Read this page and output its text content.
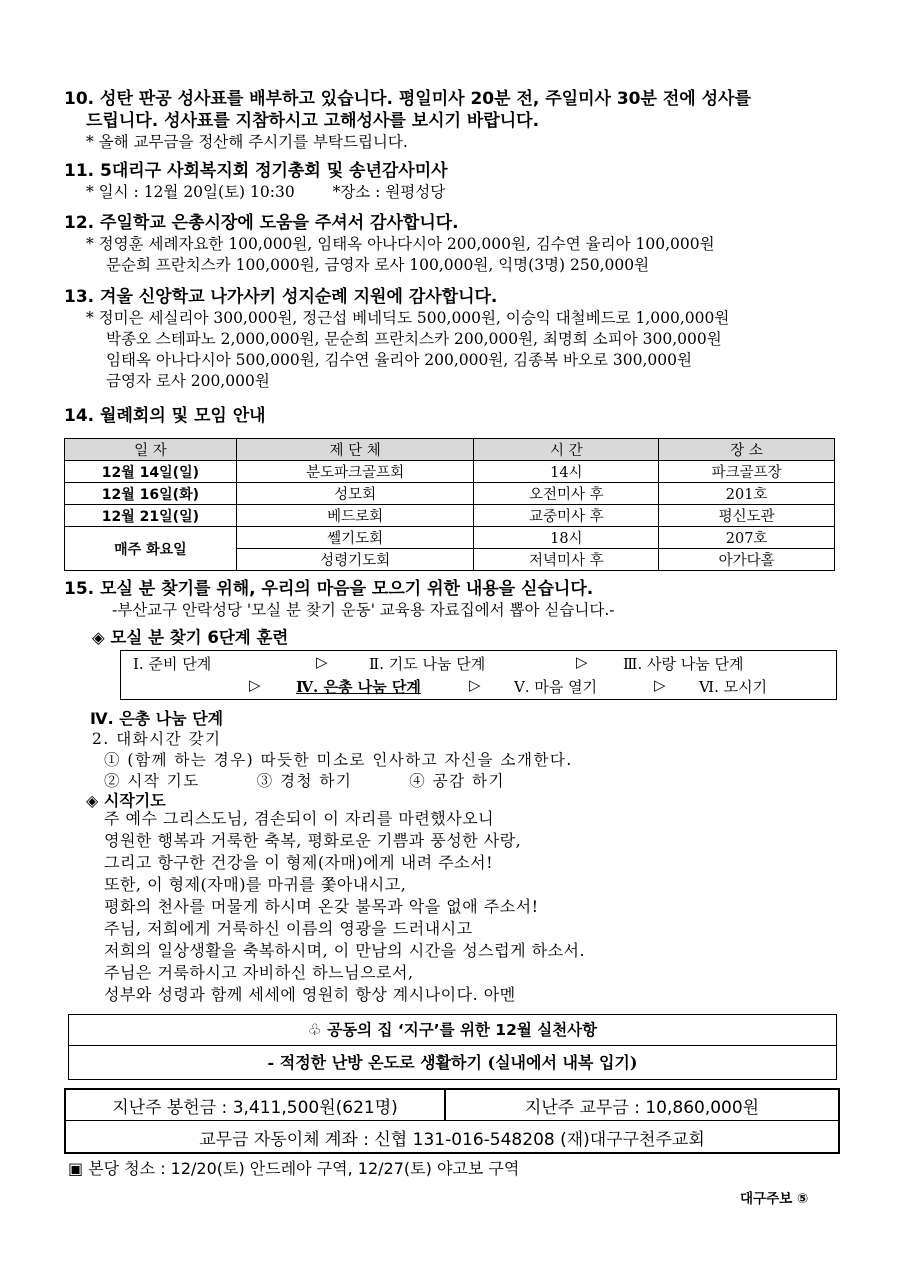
10. 성탄 판공 성사표를 배부하고 있습니다. 평일미사 20분 전, 주일미사 30분 전에 성사를

드립니다. 성사표를 지참하시고 고해성사를 보시기 바랍니다.

* 올해 교무금을 정산해 주시기를 부탁드립니다.

11. 5대리구 사회복지회 정기총회 및 송년감사미사

* 일시 : 12월 20일(토) 10:30 *장소 : 원평성당

12. 주일학교 은총시장에 도움을 주셔서 감사합니다.

* 정영훈 세례자요한 100,000원, 임태옥 아나다시아 200,000원, 김수연 율리아 100,000원

문순희 프란치스카 100,000원, 금영자 로사 100,000원, 익명(3명) 250,000원

13. 겨울 신앙학교 나가사키 성지순례 지원에 감사합니다.

* 정미은 세실리아 300,000원, 정근섭 베네딕도 500,000원, 이승익 대철베드로 1,000,000원

박종오 스테파노 2,000,000원, 문순희 프란치스카 200,000원, 최명희 소피아 300,000원

임태옥 아나다시아 500,000원, 김수연 율리아 200,000원, 김종복 바오로 300,000원

금영자 로사 200,000원

14. 월례회의 및 모임 안내

일 자	제 단 체	시 간	장 소
12월 14일(일)	분도파크골프회	14시	파크골프장
12월 16일(화)	성모회	오전미사 후	201호
12월 21일(일)	베드로회	교중미사 후	평신도관
매주 화요일	쎌기도회	18시	207호
	성령기도회	저녁미사 후	아가다홀

15. 모실 분 찾기를 위해, 우리의 마음을 모으기 위한 내용을 싣습니다.

-부산교구 안락성당 '모실 분 찾기 운동' 교육용 자료집에서 뽑아 싣습니다.-

◈ 모실 분 찾기 6단계 훈련
Ⅰ. 준비 단계	▷	Ⅱ. 기도 나눔 단계	▷ Ⅲ. 사랑 나눔 단계
▷ Ⅳ. 은총 나눔 단계	▷ Ⅴ. 마음 열기	▷ Ⅵ. 모시기
Ⅳ. 은총 나눔 단계
2. 대화시간 갖기
① (함께 하는 경우) 따듯한 미소로 인사하고 자신을 소개한다.
② 시작 기도	③ 경청 하기	④ 공감 하기
◈ 시작기도
주 예수 그리스도님, 겸손되이 이 자리를 마련했사오니
영원한 행복과 거룩한 축복, 평화로운 기쁨과 풍성한 사랑,
그리고 항구한 건강을 이 형제(자매)에게 내려 주소서!
또한, 이 형제(자매)를 마귀를 쫓아내시고,
평화의 천사를 머물게 하시며 온갖 불목과 악을 없애 주소서!
주님, 저희에게 거룩하신 이름의 영광을 드러내시고
저희의 일상생활을 축복하시며, 이 만남의 시간을 성스럽게 하소서.
주님은 거룩하시고 자비하신 하느님으로서,
성부와 성령과 함께 세세에 영원히 항상 계시나이다. 아멘
♧ 공동의 집 ‘지구’를 위한 12월 실천사항
- 적정한 난방 온도로 생활하기 (실내에서 내복 입기)
지난주 봉헌금 : 3,411,500원(621명)	지난주 교무금 : 10,860,000원
교무금 자동이체 계좌 : 신협 131-016-548208 (재)대구구천주교회
▣ 본당 청소 : 12/20(토) 안드레아 구역, 12/27(토) 야고보 구역
대구주보 ⑤
